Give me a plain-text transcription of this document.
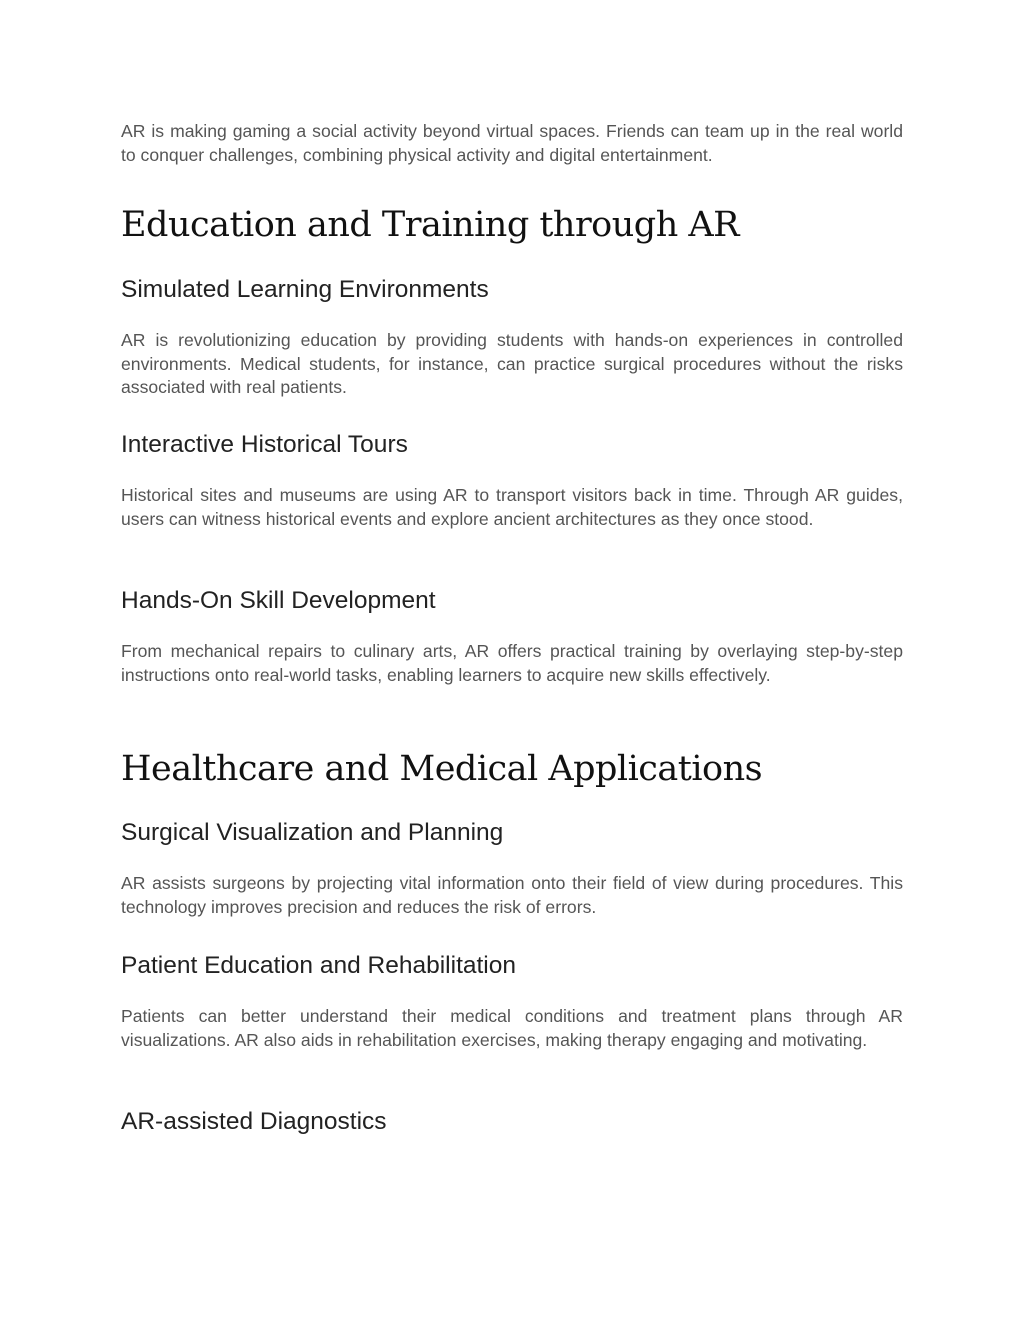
AR is making gaming a social activity beyond virtual spaces. Friends can team up in the real world to conquer challenges, combining physical activity and digital entertainment.

Education and Training through AR
Simulated Learning Environments

AR is revolutionizing education by providing students with hands-on experiences in controlled environments. Medical students, for instance, can practice surgical procedures without the risks associated with real patients.

Interactive Historical Tours

Historical sites and museums are using AR to transport visitors back in time. Through AR guides, users can witness historical events and explore ancient architectures as they once stood.

Hands-On Skill Development

From mechanical repairs to culinary arts, AR offers practical training by overlaying step-by-step instructions onto real-world tasks, enabling learners to acquire new skills effectively.

Healthcare and Medical Applications
Surgical Visualization and Planning

AR assists surgeons by projecting vital information onto their field of view during procedures. This technology improves precision and reduces the risk of errors.

Patient Education and Rehabilitation

Patients can better understand their medical conditions and treatment plans through AR visualizations. AR also aids in rehabilitation exercises, making therapy engaging and motivating.

AR-assisted Diagnostics
